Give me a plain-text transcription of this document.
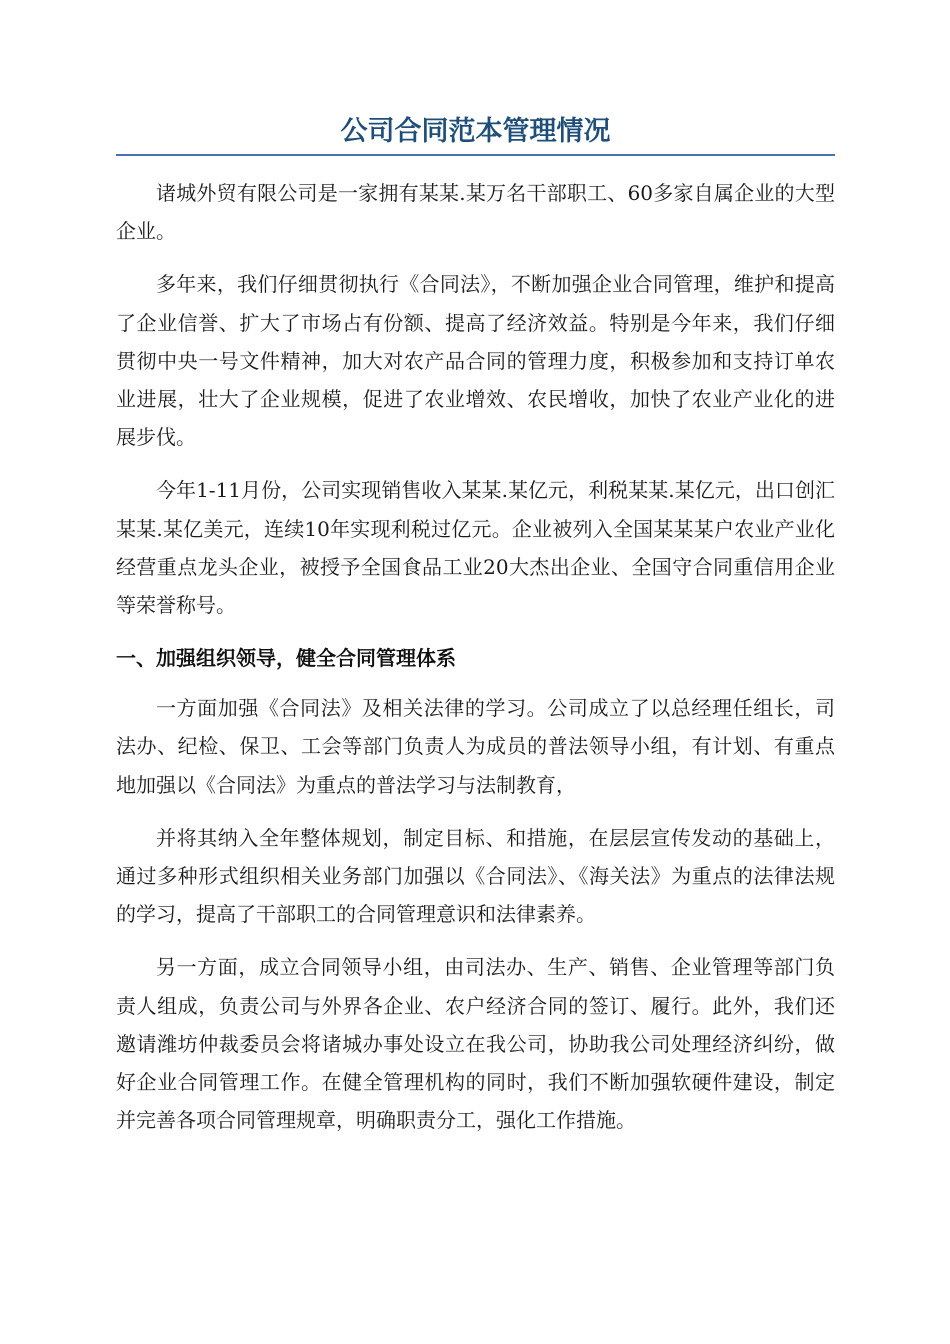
公司合同范本管理情况

诸城外贸有限公司是一家拥有某某.某万名干部职工、60多家自属企业的大型企业。

多年来，我们仔细贯彻执行《合同法》，不断加强企业合同管理，维护和提高了企业信誉、扩大了市场占有份额、提高了经济效益。特别是今年来，我们仔细贯彻中央一号文件精神，加大对农产品合同的管理力度，积极参加和支持订单农业进展，壮大了企业规模，促进了农业增效、农民增收，加快了农业产业化的进展步伐。

今年1-11月份，公司实现销售收入某某.某亿元，利税某某.某亿元，出口创汇某某.某亿美元，连续10年实现利税过亿元。企业被列入全国某某某户农业产业化经营重点龙头企业，被授予全国食品工业20大杰出企业、全国守合同重信用企业等荣誉称号。

一、加强组织领导，健全合同管理体系

一方面加强《合同法》及相关法律的学习。公司成立了以总经理任组长，司法办、纪检、保卫、工会等部门负责人为成员的普法领导小组，有计划、有重点地加强以《合同法》为重点的普法学习与法制教育，

并将其纳入全年整体规划，制定目标、和措施，在层层宣传发动的基础上，通过多种形式组织相关业务部门加强以《合同法》、《海关法》为重点的法律法规的学习，提高了干部职工的合同管理意识和法律素养。

另一方面，成立合同领导小组，由司法办、生产、销售、企业管理等部门负责人组成，负责公司与外界各企业、农户经济合同的签订、履行。此外，我们还邀请潍坊仲裁委员会将诸城办事处设立在我公司，协助我公司处理经济纠纷，做好企业合同管理工作。在健全管理机构的同时，我们不断加强软硬件建设，制定并完善各项合同管理规章，明确职责分工，强化工作措施。
